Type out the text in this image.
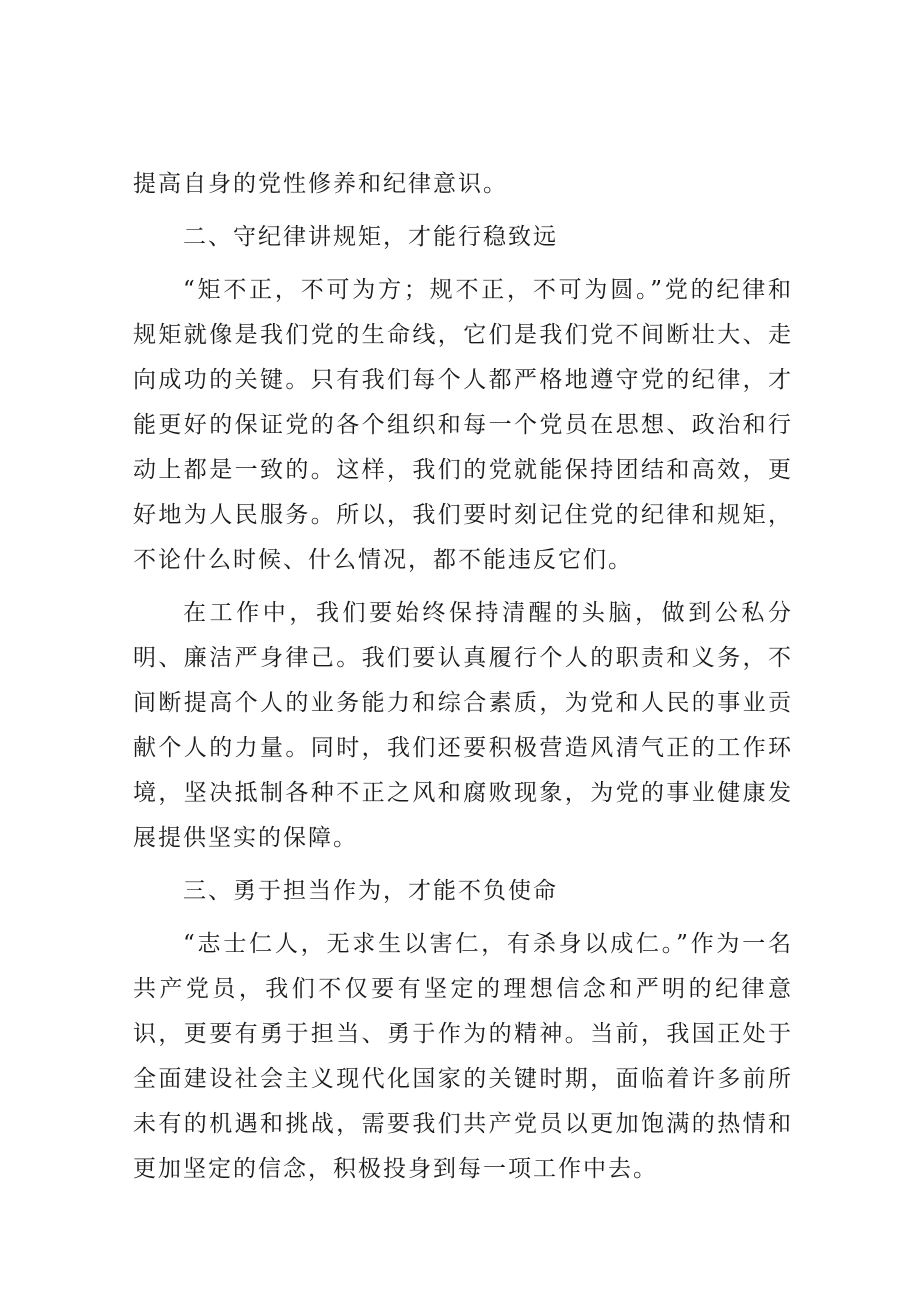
提高自身的党性修养和纪律意识。

二、守纪律讲规矩，才能行稳致远

“矩不正，不可为方；规不正，不可为圆。”党的纪律和规矩就像是我们党的生命线，它们是我们党不间断壮大、走向成功的关键。只有我们每个人都严格地遵守党的纪律，才能更好的保证党的各个组织和每一个党员在思想、政治和行动上都是一致的。这样，我们的党就能保持团结和高效，更好地为人民服务。所以，我们要时刻记住党的纪律和规矩，不论什么时候、什么情况，都不能违反它们。

在工作中，我们要始终保持清醒的头脑，做到公私分明、廉洁严身律己。我们要认真履行个人的职责和义务，不间断提高个人的业务能力和综合素质，为党和人民的事业贡献个人的力量。同时，我们还要积极营造风清气正的工作环境，坚决抵制各种不正之风和腐败现象，为党的事业健康发展提供坚实的保障。

三、勇于担当作为，才能不负使命

“志士仁人，无求生以害仁，有杀身以成仁。”作为一名共产党员，我们不仅要有坚定的理想信念和严明的纪律意识，更要有勇于担当、勇于作为的精神。当前，我国正处于全面建设社会主义现代化国家的关键时期，面临着许多前所未有的机遇和挑战，需要我们共产党员以更加饱满的热情和更加坚定的信念，积极投身到每一项工作中去。
